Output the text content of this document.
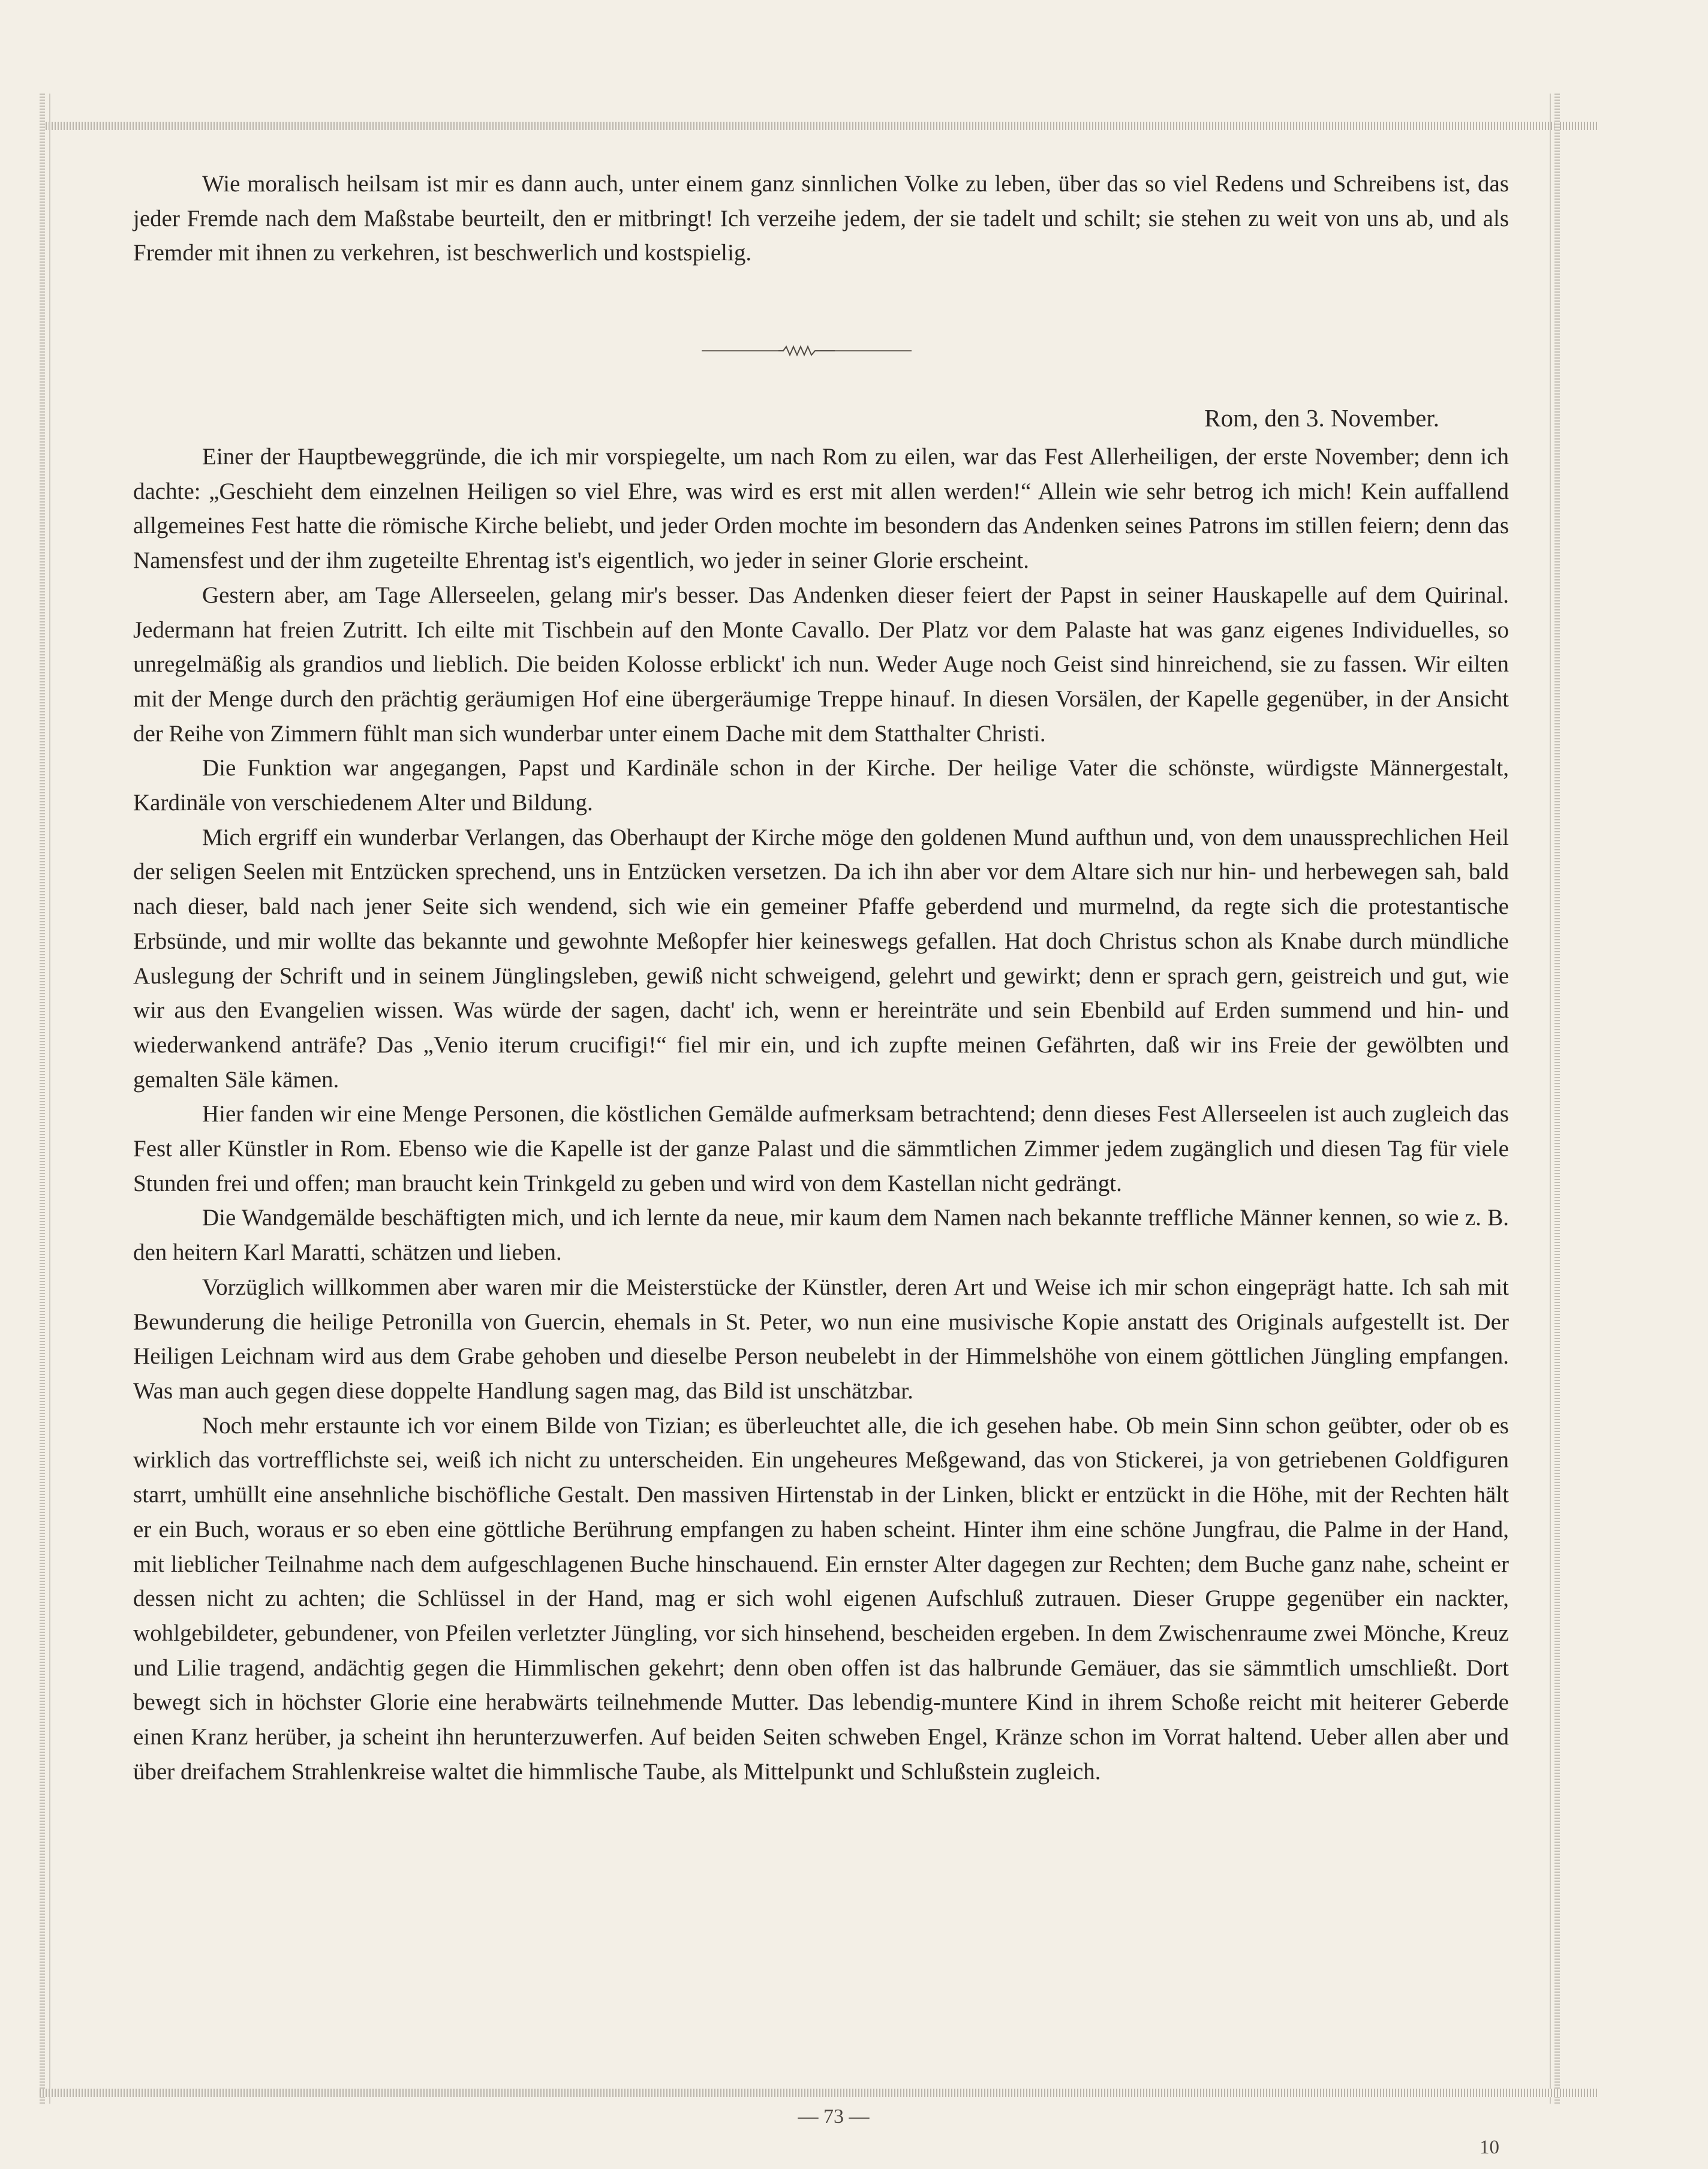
Wie moralisch heilsam ist mir es dann auch, unter einem ganz sinnlichen Volke zu leben, über das so viel Redens und Schreibens ist, das jeder Fremde nach dem Maßstabe beurteilt, den er mitbringt! Ich verzeihe jedem, der sie tadelt und schilt; sie stehen zu weit von uns ab, und als Fremder mit ihnen zu verkehren, ist beschwerlich und kostspielig.

Rom, den 3. November.

Einer der Hauptbeweggründe, die ich mir vorspiegelte, um nach Rom zu eilen, war das Fest Allerheiligen, der erste November; denn ich dachte: „Geschieht dem einzelnen Heiligen so viel Ehre, was wird es erst mit allen werden!“ Allein wie sehr betrog ich mich! Kein auffallend allgemeines Fest hatte die römische Kirche beliebt, und jeder Orden mochte im besondern das Andenken seines Patrons im stillen feiern; denn das Namensfest und der ihm zugeteilte Ehrentag ist's eigentlich, wo jeder in seiner Glorie erscheint.

Gestern aber, am Tage Allerseelen, gelang mir's besser. Das Andenken dieser feiert der Papst in seiner Hauskapelle auf dem Quirinal. Jedermann hat freien Zutritt. Ich eilte mit Tischbein auf den Monte Cavallo. Der Platz vor dem Palaste hat was ganz eigenes Individuelles, so unregelmäßig als grandios und lieblich. Die beiden Kolosse erblickt' ich nun. Weder Auge noch Geist sind hinreichend, sie zu fassen. Wir eilten mit der Menge durch den prächtig geräumigen Hof eine übergeräumige Treppe hinauf. In diesen Vorsälen, der Kapelle gegenüber, in der Ansicht der Reihe von Zimmern fühlt man sich wunderbar unter einem Dache mit dem Statthalter Christi.

Die Funktion war angegangen, Papst und Kardinäle schon in der Kirche. Der heilige Vater die schönste, würdigste Männergestalt, Kardinäle von verschiedenem Alter und Bildung.

Mich ergriff ein wunderbar Verlangen, das Oberhaupt der Kirche möge den goldenen Mund aufthun und, von dem unaussprechlichen Heil der seligen Seelen mit Entzücken sprechend, uns in Entzücken versetzen. Da ich ihn aber vor dem Altare sich nur hin- und herbewegen sah, bald nach dieser, bald nach jener Seite sich wendend, sich wie ein gemeiner Pfaffe geberdend und murmelnd, da regte sich die protestantische Erbsünde, und mir wollte das bekannte und gewohnte Meßopfer hier keineswegs gefallen. Hat doch Christus schon als Knabe durch mündliche Auslegung der Schrift und in seinem Jünglingsleben, gewiß nicht schweigend, gelehrt und gewirkt; denn er sprach gern, geistreich und gut, wie wir aus den Evangelien wissen. Was würde der sagen, dacht' ich, wenn er hereinträte und sein Ebenbild auf Erden summend und hin- und wiederwankend anträfe? Das „Venio iterum crucifigi!“ fiel mir ein, und ich zupfte meinen Gefährten, daß wir ins Freie der gewölbten und gemalten Säle kämen.

Hier fanden wir eine Menge Personen, die köstlichen Gemälde aufmerksam betrachtend; denn dieses Fest Allerseelen ist auch zugleich das Fest aller Künstler in Rom. Ebenso wie die Kapelle ist der ganze Palast und die sämmtlichen Zimmer jedem zugänglich und diesen Tag für viele Stunden frei und offen; man braucht kein Trinkgeld zu geben und wird von dem Kastellan nicht gedrängt.

Die Wandgemälde beschäftigten mich, und ich lernte da neue, mir kaum dem Namen nach bekannte treffliche Männer kennen, so wie z. B. den heitern Karl Maratti, schätzen und lieben.

Vorzüglich willkommen aber waren mir die Meisterstücke der Künstler, deren Art und Weise ich mir schon eingeprägt hatte. Ich sah mit Bewunderung die heilige Petronilla von Guercin, ehemals in St. Peter, wo nun eine musivische Kopie anstatt des Originals aufgestellt ist. Der Heiligen Leichnam wird aus dem Grabe gehoben und dieselbe Person neubelebt in der Himmelshöhe von einem göttlichen Jüngling empfangen. Was man auch gegen diese doppelte Handlung sagen mag, das Bild ist unschätzbar.

Noch mehr erstaunte ich vor einem Bilde von Tizian; es überleuchtet alle, die ich gesehen habe. Ob mein Sinn schon geübter, oder ob es wirklich das vortrefflichste sei, weiß ich nicht zu unterscheiden. Ein ungeheures Meßgewand, das von Stickerei, ja von getriebenen Goldfiguren starrt, umhüllt eine ansehnliche bischöfliche Gestalt. Den massiven Hirtenstab in der Linken, blickt er entzückt in die Höhe, mit der Rechten hält er ein Buch, woraus er so eben eine göttliche Berührung empfangen zu haben scheint. Hinter ihm eine schöne Jungfrau, die Palme in der Hand, mit lieblicher Teilnahme nach dem aufgeschlagenen Buche hinschauend. Ein ernster Alter dagegen zur Rechten; dem Buche ganz nahe, scheint er dessen nicht zu achten; die Schlüssel in der Hand, mag er sich wohl eigenen Aufschluß zutrauen. Dieser Gruppe gegenüber ein nackter, wohlgebildeter, gebundener, von Pfeilen verletzter Jüngling, vor sich hinsehend, bescheiden ergeben. In dem Zwischenraume zwei Mönche, Kreuz und Lilie tragend, andächtig gegen die Himmlischen gekehrt; denn oben offen ist das halbrunde Gemäuer, das sie sämmtlich umschließt. Dort bewegt sich in höchster Glorie eine herabwärts teilnehmende Mutter. Das lebendig-muntere Kind in ihrem Schoße reicht mit heiterer Geberde einen Kranz herüber, ja scheint ihn herunterzuwerfen. Auf beiden Seiten schweben Engel, Kränze schon im Vorrat haltend. Ueber allen aber und über dreifachem Strahlenkreise waltet die himmlische Taube, als Mittelpunkt und Schlußstein zugleich.

— 73 —
10
